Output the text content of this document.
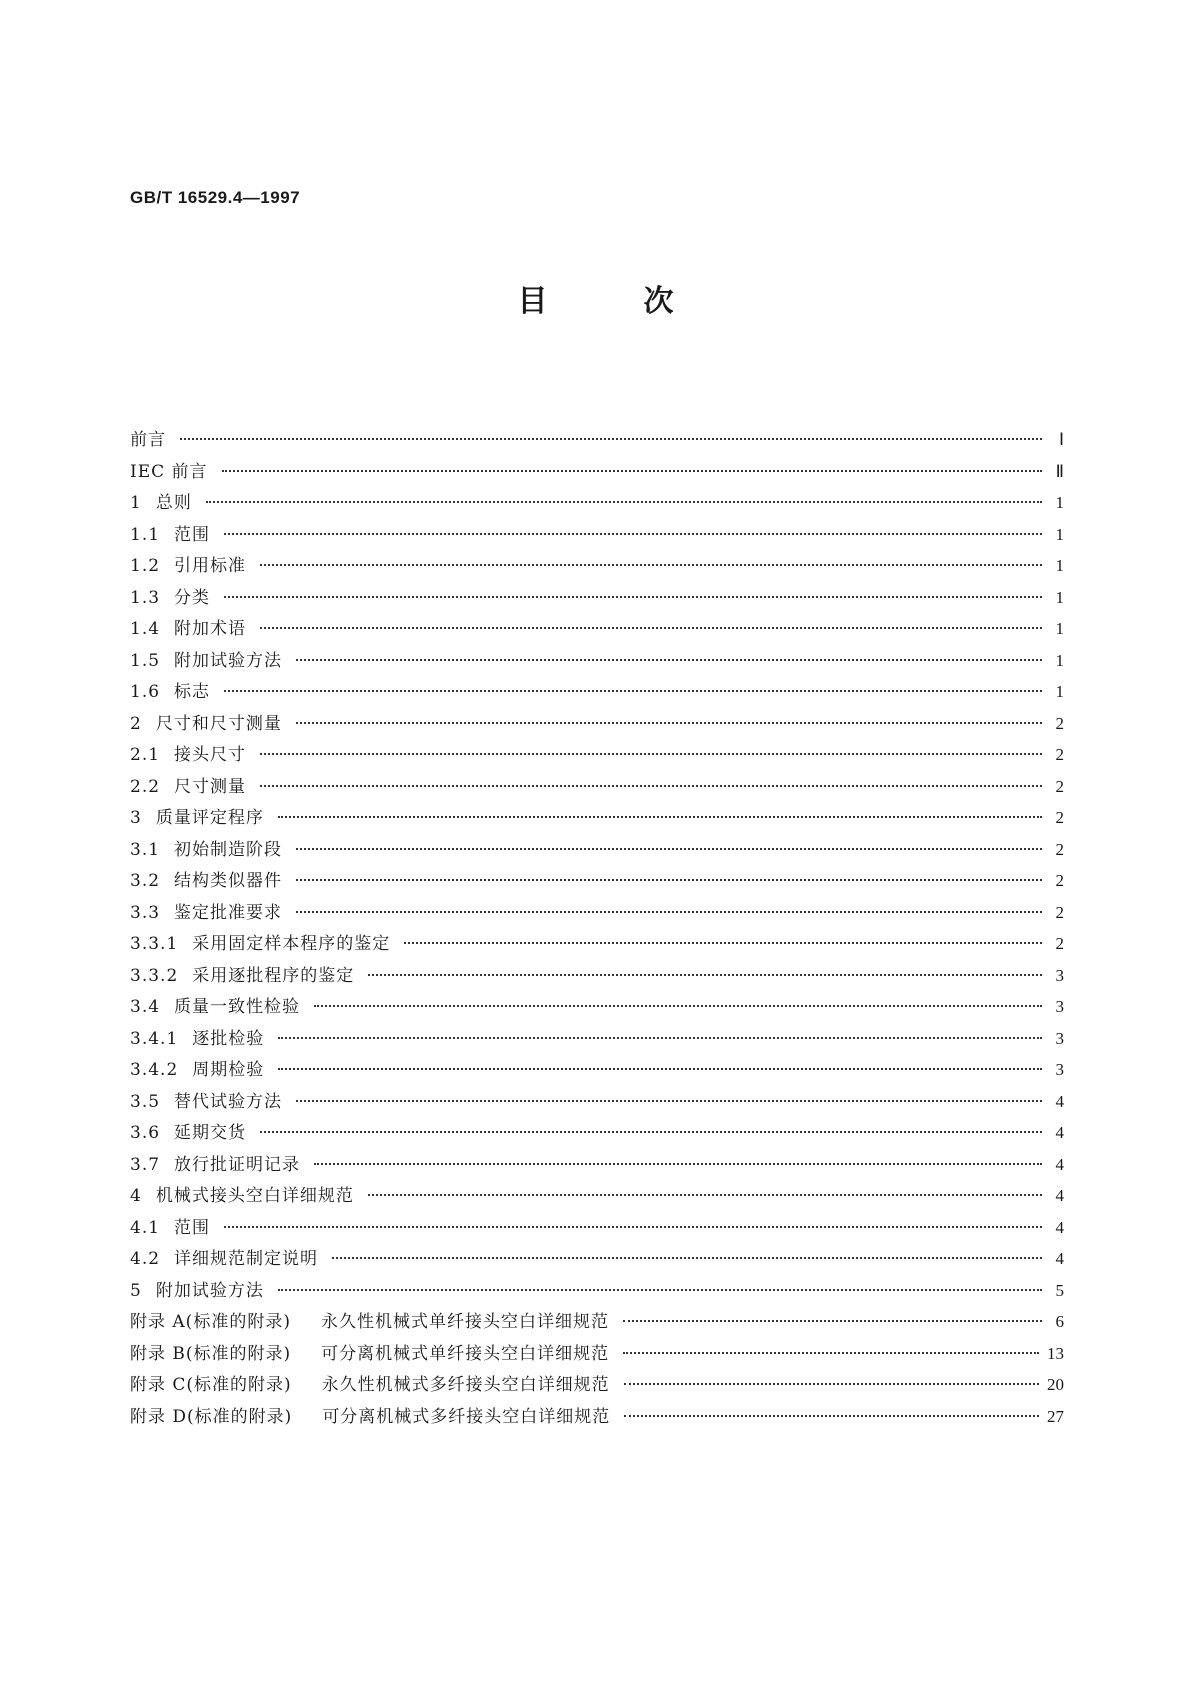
GB/T 16529.4—1997
目	次
前言	Ⅰ
IEC 前言	Ⅱ
1 总则	1
1.1 范围	1
1.2 引用标准	1
1.3 分类	1
1.4 附加术语	1
1.5 附加试验方法	1
1.6 标志	1
2 尺寸和尺寸测量	2
2.1 接头尺寸	2
2.2 尺寸测量	2
3 质量评定程序	2
3.1 初始制造阶段	2
3.2 结构类似器件	2
3.3 鉴定批准要求	2
3.3.1 采用固定样本程序的鉴定	2
3.3.2 采用逐批程序的鉴定	3
3.4 质量一致性检验	3
3.4.1 逐批检验	3
3.4.2 周期检验	3
3.5 替代试验方法	4
3.6 延期交货	4
3.7 放行批证明记录	4
4 机械式接头空白详细规范	4
4.1 范围	4
4.2 详细规范制定说明	4
5 附加试验方法	5
附录 A(标准的附录) 永久性机械式单纤接头空白详细规范	6
附录 B(标准的附录) 可分离机械式单纤接头空白详细规范	13
附录 C(标准的附录) 永久性机械式多纤接头空白详细规范	20
附录 D(标准的附录) 可分离机械式多纤接头空白详细规范	27
